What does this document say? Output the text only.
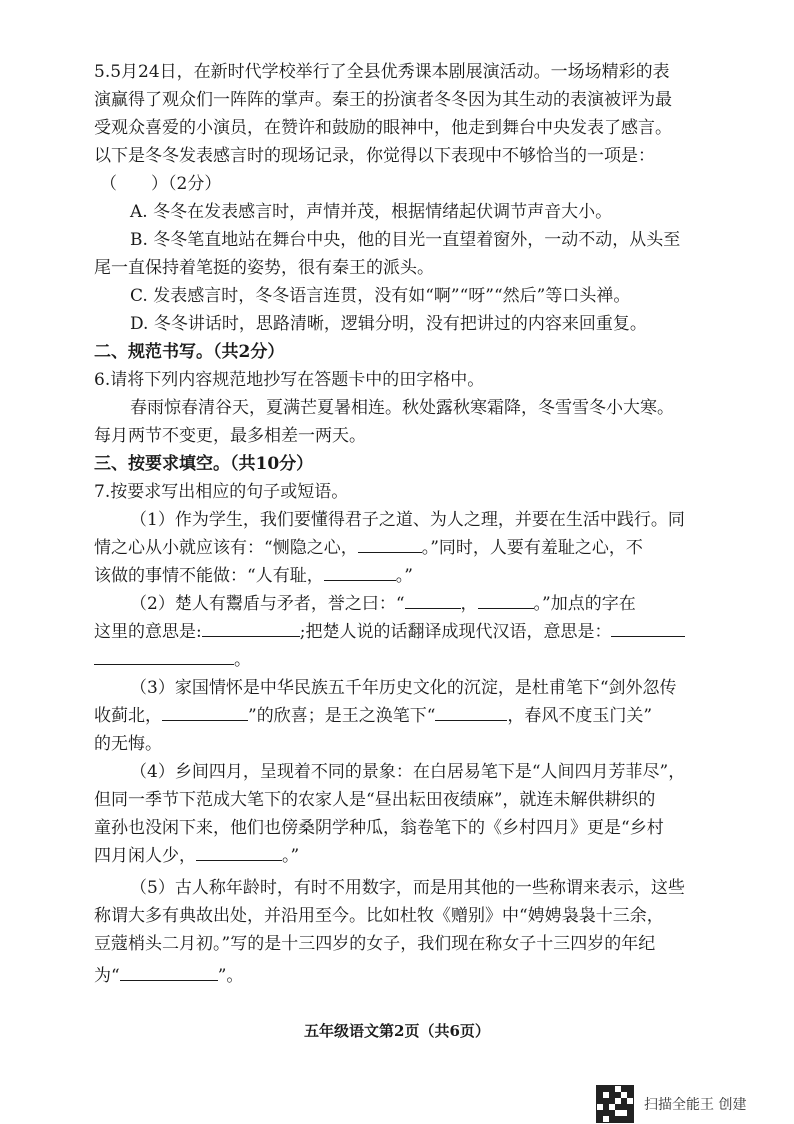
5.5月24日，在新时代学校举行了全县优秀课本剧展演活动。一场场精彩的表
演赢得了观众们一阵阵的掌声。秦王的扮演者冬冬因为其生动的表演被评为最
受观众喜爱的小演员，在赞许和鼓励的眼神中，他走到舞台中央发表了感言。
以下是冬冬发表感言时的现场记录，你觉得以下表现中不够恰当的一项是：
（　　）（2分）
A. 冬冬在发表感言时，声情并茂，根据情绪起伏调节声音大小。
B. 冬冬笔直地站在舞台中央，他的目光一直望着窗外，一动不动，从头至
尾一直保持着笔挺的姿势，很有秦王的派头。
C. 发表感言时，冬冬语言连贯，没有如“啊”“呀”“然后”等口头禅。
D. 冬冬讲话时，思路清晰，逻辑分明，没有把讲过的内容来回重复。
二、规范书写。（共2分）
6.请将下列内容规范地抄写在答题卡中的田字格中。
春雨惊春清谷天，夏满芒夏暑相连。秋处露秋寒霜降，冬雪雪冬小大寒。
每月两节不变更，最多相差一两天。
三、按要求填空。（共10分）
7.按要求写出相应的句子或短语。
（1）作为学生，我们要懂得君子之道、为人之理，并要在生活中践行。同
情之心从小就应该有：“恻隐之心，	。”同时，人要有羞耻之心，不
该做的事情不能做：“人有耻，	。”
（2）楚人有鬻盾与矛者，誉之曰：“	，	。”加点的字在
这里的意思是:	;把楚人说的话翻译成现代汉语，意思是：
。
（3）家国情怀是中华民族五千年历史文化的沉淀，是杜甫笔下“剑外忽传
收蓟北，	”的欣喜；是王之涣笔下“	，春风不度玉门关”
的无悔。
（4）乡间四月，呈现着不同的景象：在白居易笔下是“人间四月芳菲尽”，
但同一季节下范成大笔下的农家人是“昼出耘田夜绩麻”，就连未解供耕织的
童孙也没闲下来，他们也傍桑阴学种瓜，翁卷笔下的《乡村四月》更是“乡村
四月闲人少，	。”
（5）古人称年龄时，有时不用数字，而是用其他的一些称谓来表示，这些
称谓大多有典故出处，并沿用至今。比如杜牧《赠别》中“娉娉袅袅十三余，
豆蔻梢头二月初。”写的是十三四岁的女子，我们现在称女子十三四岁的年纪
为“	”。
五年级语文第2页（共6页）
扫描全能王 创建
